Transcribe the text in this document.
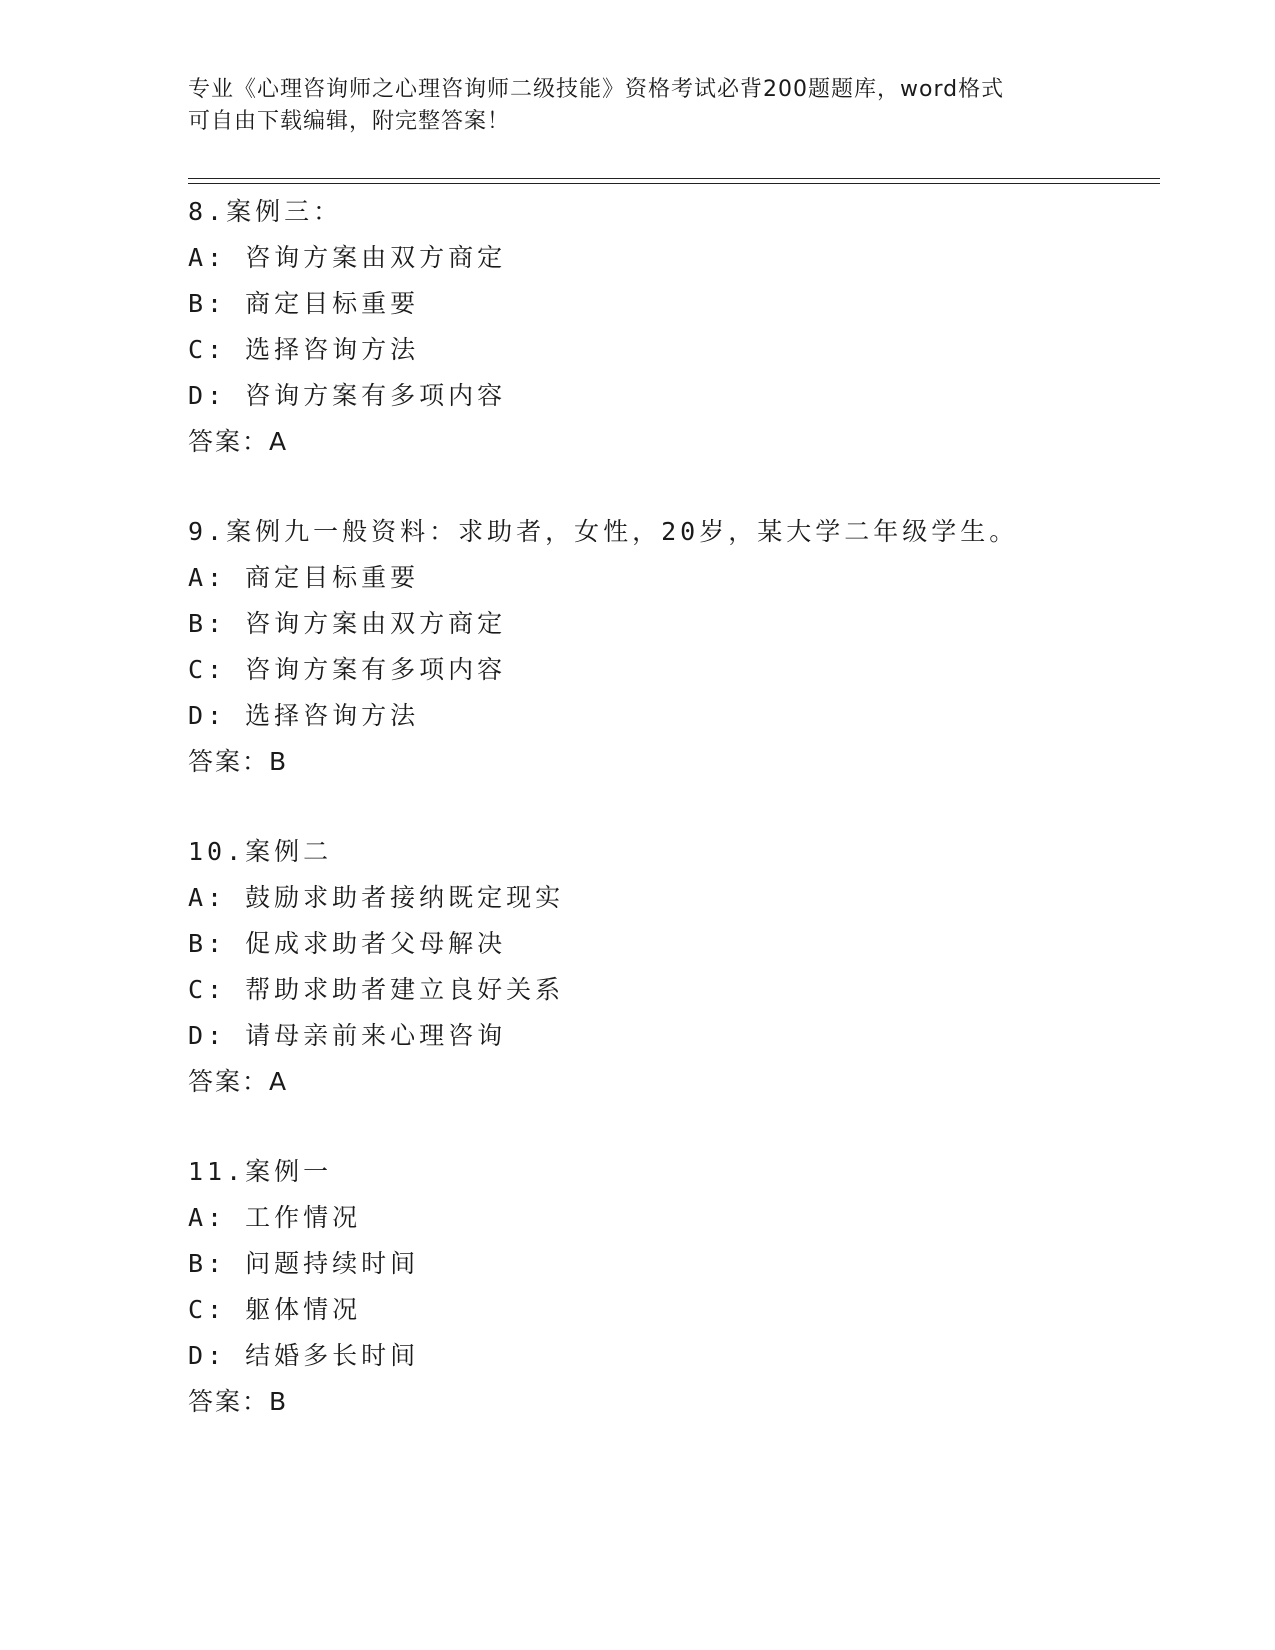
专业《心理咨询师之心理咨询师二级技能》资格考试必背200题题库，word格式
可自由下载编辑，附完整答案！
8.案例三：
A: 咨询方案由双方商定
B: 商定目标重要
C: 选择咨询方法
D: 咨询方案有多项内容
答案：A
9.案例九一般资料：求助者，女性，20岁，某大学二年级学生。
A: 商定目标重要
B: 咨询方案由双方商定
C: 咨询方案有多项内容
D: 选择咨询方法
答案：B
10.案例二
A: 鼓励求助者接纳既定现实
B: 促成求助者父母解决
C: 帮助求助者建立良好关系
D: 请母亲前来心理咨询
答案：A
11.案例一
A: 工作情况
B: 问题持续时间
C: 躯体情况
D: 结婚多长时间
答案：B
